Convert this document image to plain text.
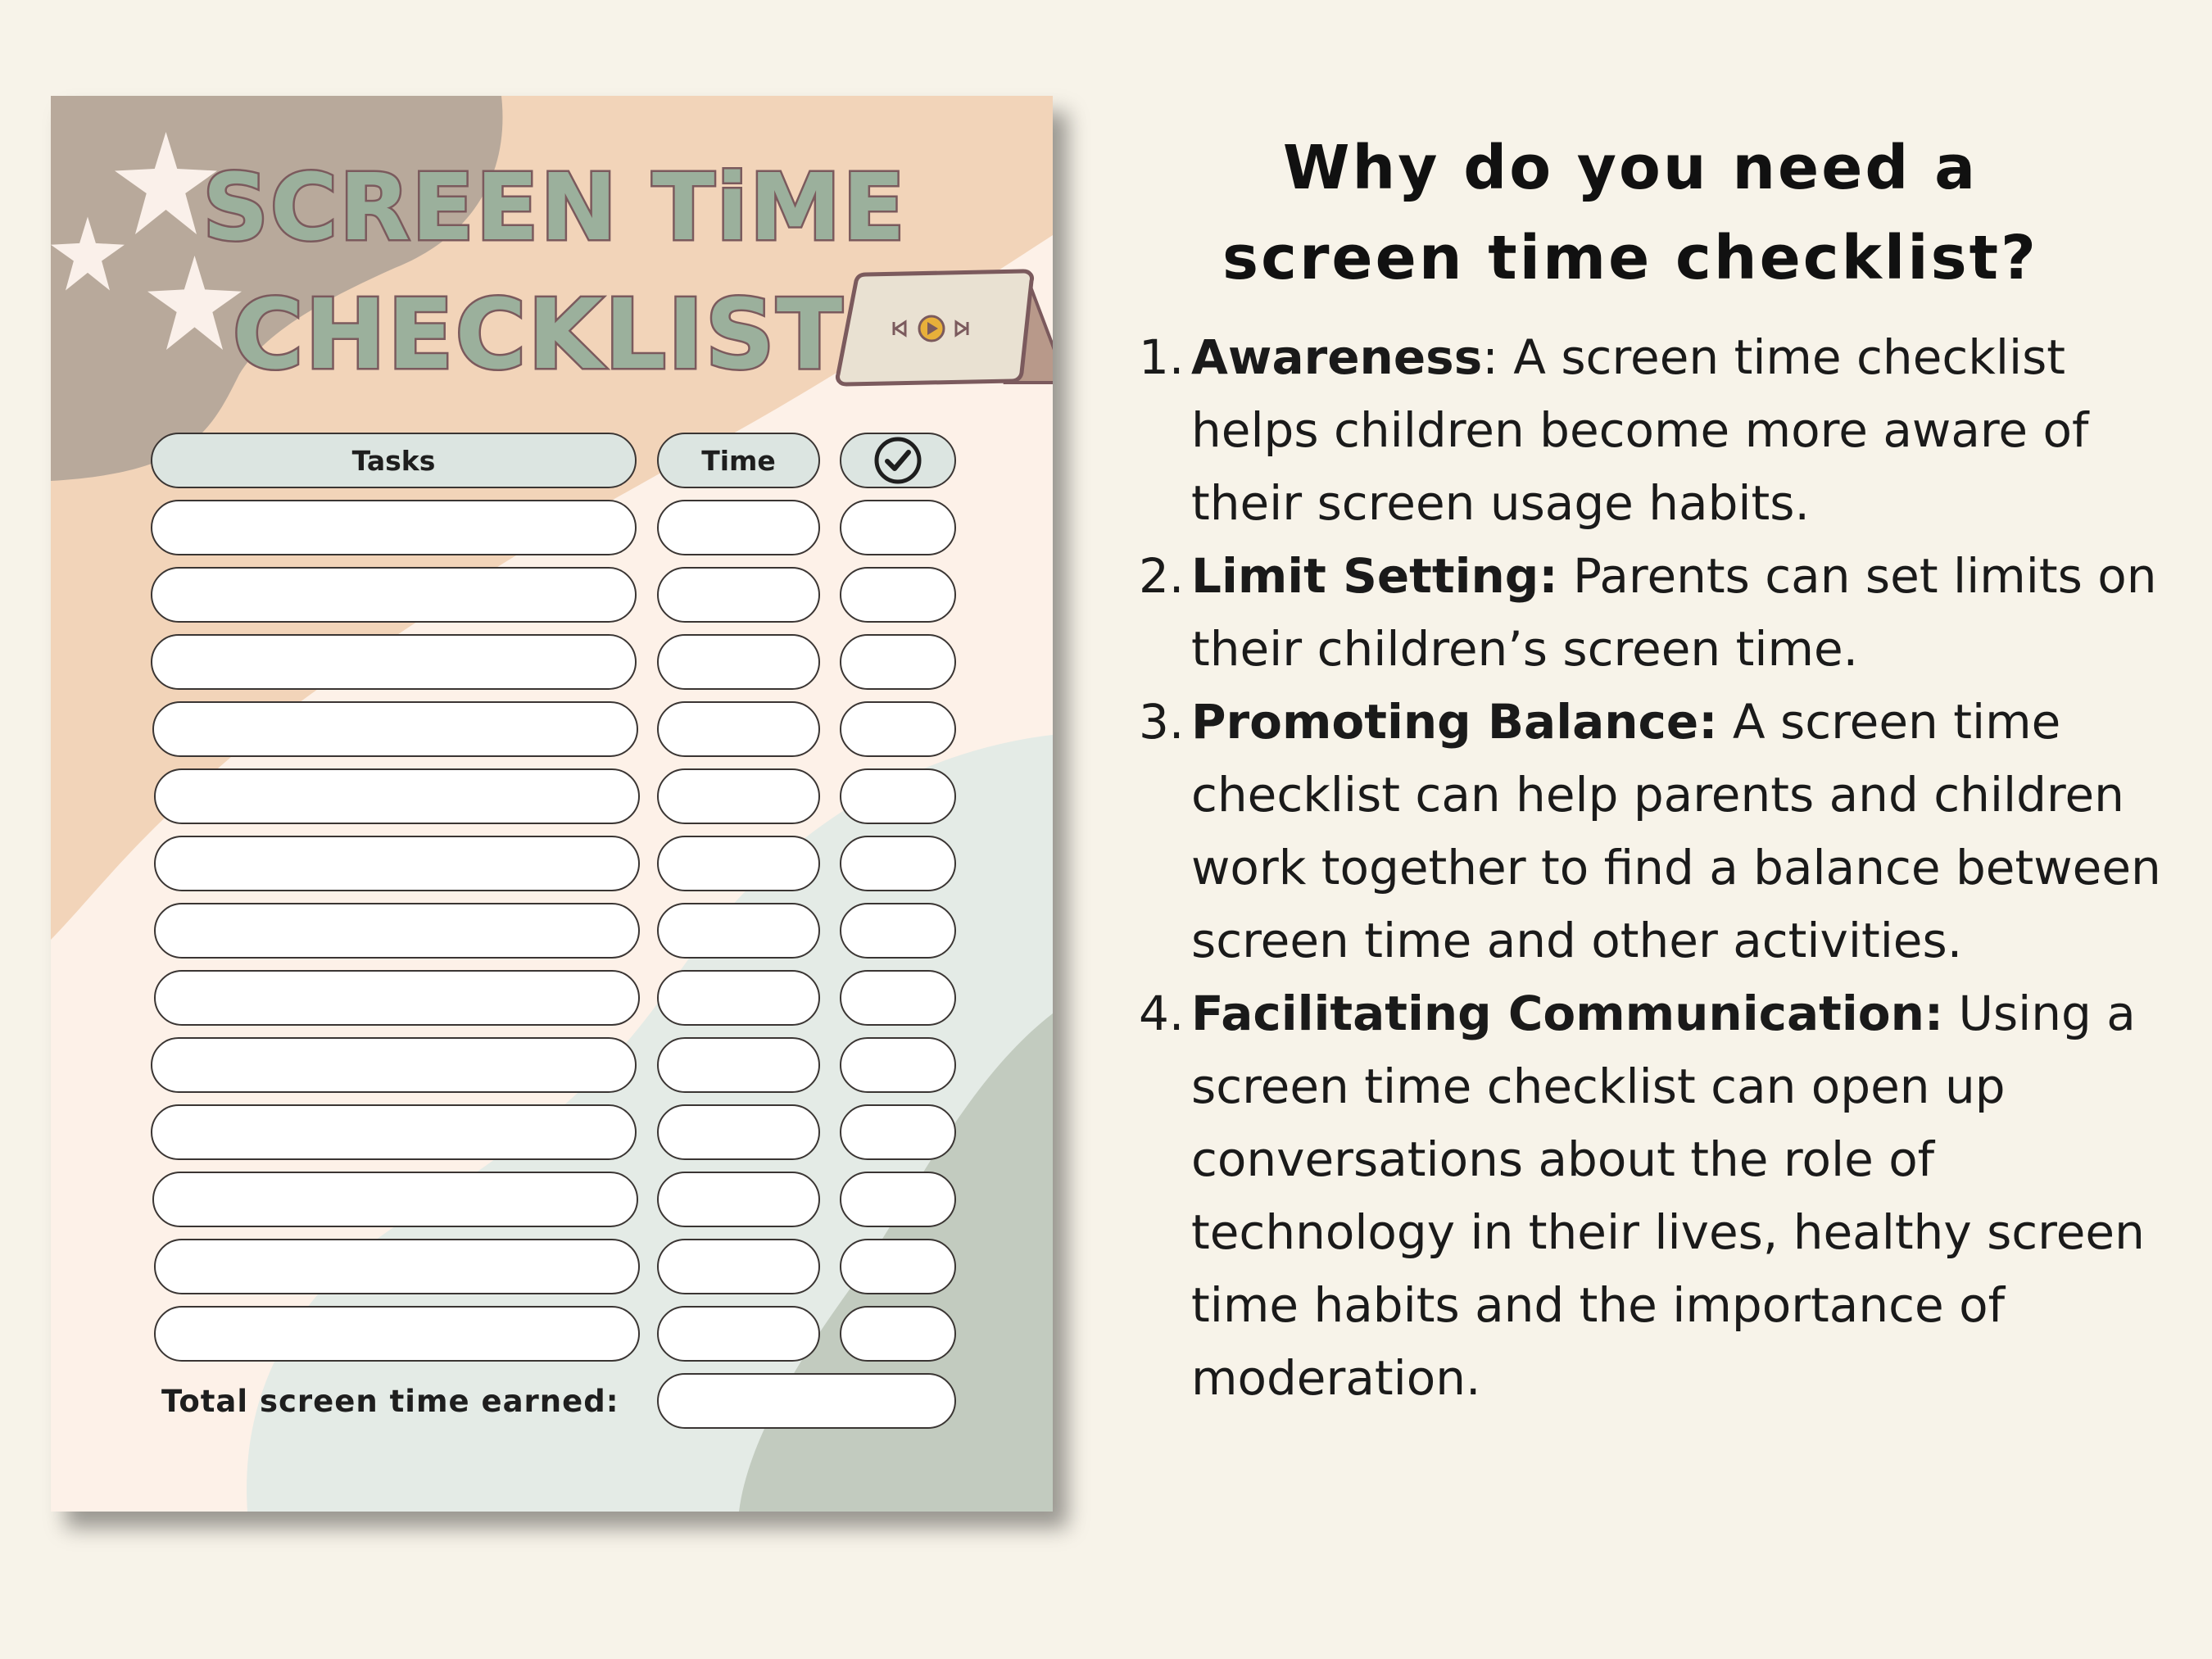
SCREEN TiME
CHECKLIST
Tasks	Time
Total screen time earned:
Why do you need a
screen time checklist?
1. Awareness: A screen time checklist helps children become more aware of their screen usage habits.
2. Limit Setting: Parents can set limits on their children’s screen time.
3. Promoting Balance: A screen time checklist can help parents and children work together to find a balance between screen time and other activities.
4. Facilitating Communication: Using a screen time checklist can open up conversations about the role of technology in their lives, healthy screen time habits and the importance of moderation.
